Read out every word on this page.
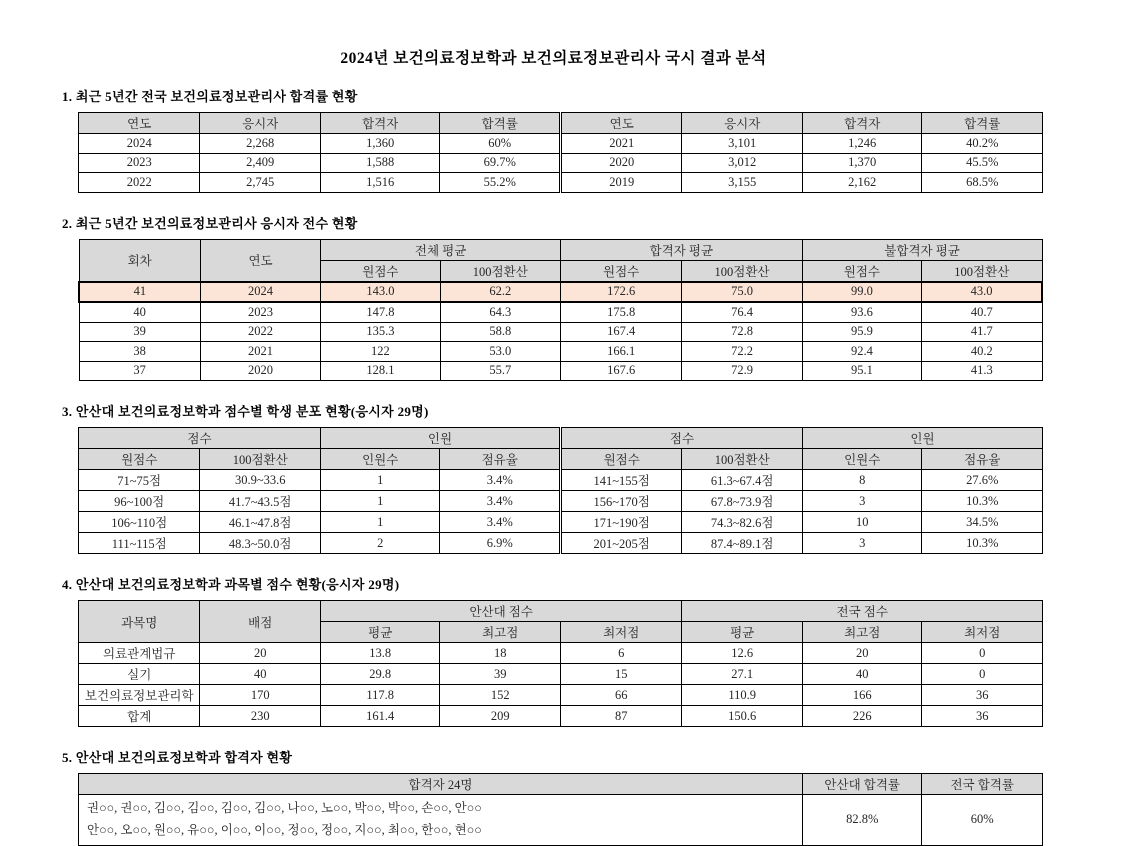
2024년 보건의료정보학과 보건의료정보관리사 국시 결과 분석
1. 최근 5년간 전국 보건의료정보관리사 합격률 현황
연도	응시자	합격자	합격률	연도	응시자	합격자	합격률
2024	2,268	1,360	60%	2021	3,101	1,246	40.2%
2023	2,409	1,588	69.7%	2020	3,012	1,370	45.5%
2022	2,745	1,516	55.2%	2019	3,155	2,162	68.5%
2. 최근 5년간 보건의료정보관리사 응시자 전수 현황
회차	연도	전체 평균		합격자 평균		불합격자 평균	
		원점수	100점환산	원점수	100점환산	원점수	100점환산
41	2024	143.0	62.2	172.6	75.0	99.0	43.0
40	2023	147.8	64.3	175.8	76.4	93.6	40.7
39	2022	135.3	58.8	167.4	72.8	95.9	41.7
38	2021	122	53.0	166.1	72.2	92.4	40.2
37	2020	128.1	55.7	167.6	72.9	95.1	41.3
3. 안산대 보건의료정보학과 점수별 학생 분포 현황(응시자 29명)
점수		인원		점수		인원	
원점수	100점환산	인원수	점유율	원점수	100점환산	인원수	점유율
71~75점	30.9~33.6	1	3.4%	141~155점	61.3~67.4점	8	27.6%
96~100점	41.7~43.5점	1	3.4%	156~170점	67.8~73.9점	3	10.3%
106~110점	46.1~47.8점	1	3.4%	171~190점	74.3~82.6점	10	34.5%
111~115점	48.3~50.0점	2	6.9%	201~205점	87.4~89.1점	3	10.3%
4. 안산대 보건의료정보학과 과목별 점수 현황(응시자 29명)
과목명	배점	안산대 점수			전국 점수		
		평균	최고점	최저점	평균	최고점	최저점
의료관계법규	20	13.8	18	6	12.6	20	0
실기	40	29.8	39	15	27.1	40	0
보건의료정보관리학	170	117.8	152	66	110.9	166	36
합계	230	161.4	209	87	150.6	226	36
5. 안산대 보건의료정보학과 합격자 현황
합격자 24명	안산대 합격률	전국 합격률

권○○, 권○○, 김○○, 김○○, 김○○, 김○○, 나○○, 노○○, 박○○, 박○○, 손○○, 안○○
안○○, 오○○, 원○○, 유○○, 이○○, 이○○, 정○○, 정○○, 지○○, 최○○, 한○○, 현○○	82.8%	60%
